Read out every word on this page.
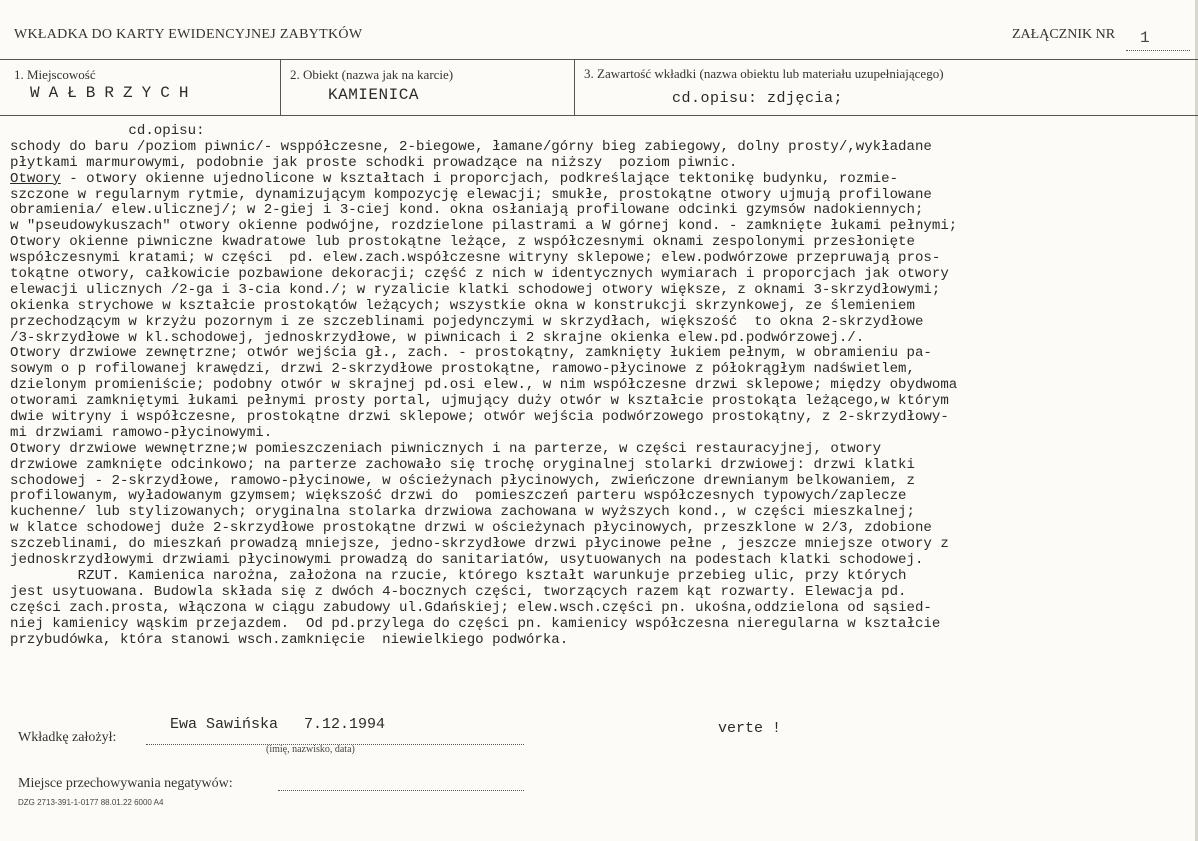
WKŁADKA DO KARTY EWIDENCYJNEJ ZABYTKÓW	ZAŁĄCZNIK NR 1
1. Miejscowość
WAŁBRZYCH
2. Obiekt (nazwa jak na karcie)
KAMIENICA
3. Zawartość wkładki (nazwa obiektu lub materiału uzupełniającego)
cd.opisu: zdjęcia;
cd.opisu:
schody do baru /poziom piwnic/- wsppółczesne, 2-biegowe, łamane/górny bieg zabiegowy, dolny prosty/,wykładane
płytkami marmurowymi, podobnie jak proste schodki prowadzące na niższy  poziom piwnic.
Otwory - otwory okienne ujednolicone w kształtach i proporcjach, podkreślające tektonikę budynku, rozmie-
szczone w regularnym rytmie, dynamizującym kompozycję elewacji; smukłe, prostokątne otwory ujmują profilowane
obramienia/ elew.ulicznej/; w 2-giej i 3-ciej kond. okna osłaniają profilowane odcinki gzymsów nadokiennych;
w "pseudowykuszach" otwory okienne podwójne, rozdzielone pilastrami a W górnej kond. - zamknięte łukami pełnymi;
Otwory okienne piwniczne kwadratowe lub prostokątne leżące, z współczesnymi oknami zespolonymi przesłonięte
współczesnymi kratami; w części  pd. elew.zach.współczesne witryny sklepowe; elew.podwórzowe przepruwają pros-
tokątne otwory, całkowicie pozbawione dekoracji; część z nich w identycznych wymiarach i proporcjach jak otwory
elewacji ulicznych /2-ga i 3-cia kond./; w ryzalicie klatki schodowej otwory większe, z oknami 3-skrzydłowymi;
okienka strychowe w kształcie prostokątów leżących; wszystkie okna w konstrukcji skrzynkowej, ze ślemieniem
przechodzącym w krzyżu pozornym i ze szczeblinami pojedynczymi w skrzydłach, większość  to okna 2-skrzydłowe
/3-skrzydłowe w kl.schodowej, jednoskrzydłowe, w piwnicach i 2 skrajne okienka elew.pd.podwórzowej./.
Otwory drzwiowe zewnętrzne; otwór wejścia gł., zach. - prostokątny, zamknięty łukiem pełnym, w obramieniu pa-
sowym o p rofilowanej krawędzi, drzwi 2-skrzydłowe prostokątne, ramowo-płycinowe z półokrągłym nadświetlem,
dzielonym promieniście; podobny otwór w skrajnej pd.osi elew., w nim współczesne drzwi sklepowe; między obydwoma
otworami zamkniętymi łukami pełnymi prosty portal, ujmujący duży otwór w kształcie prostokąta leżącego,w którym
dwie witryny i współczesne, prostokątne drzwi sklepowe; otwór wejścia podwórzowego prostokątny, z 2-skrzydłowy-
mi drzwiami ramowo-płycinowymi.
Otwory drzwiowe wewnętrzne;w pomieszczeniach piwnicznych i na parterze, w części restauracyjnej, otwory
drzwiowe zamknięte odcinkowo; na parterze zachowało się trochę oryginalnej stolarki drzwiowej: drzwi klatki
schodowej - 2-skrzydłowe, ramowo-płycinowe, w ościeżynach płycinowych, zwieńczone drewnianym belkowaniem, z
profilowanym, wyładowanym gzymsem; większość drzwi do  pomieszczeń parteru współczesnych typowych/zaplecze
kuchenne/ lub stylizowanych; oryginalna stolarka drzwiowa zachowana w wyższych kond., w części mieszkalnej;
w klatce schodowej duże 2-skrzydłowe prostokątne drzwi w ościeżynach płycinowych, przeszklone w 2/3, zdobione
szczeblinami, do mieszkań prowadzą mniejsze, jedno-skrzydłowe drzwi płycinowe pełne , jeszcze mniejsze otwory z
jednoskrzydłowymi drzwiami płycinowymi prowadzą do sanitariatów, usytuowanych na podestach klatki schodowej.
RZUT. Kamienica narożna, założona na rzucie, którego kształt warunkuje przebieg ulic, przy których
jest usytuowana. Budowla składa się z dwóch 4-bocznych części, tworzących razem kąt rozwarty. Elewacja pd.
części zach.prosta, włączona w ciągu zabudowy ul.Gdańskiej; elew.wsch.części pn. ukośna,oddzielona od sąsied-
niej kamienicy wąskim przejazdem.  Od pd.przylega do części pn. kamienicy współczesna nieregularna w kształcie
przybudówka, która stanowi wsch.zamknięcie  niewielkiego podwórka.
Ewa Sawińska 7.12.1994
Wkładkę założył:
(imię, nazwisko, data)
verte !
Miejsce przechowywania negatywów:
DZG 2713-391-1-0177 88.01.22 6000 A4
